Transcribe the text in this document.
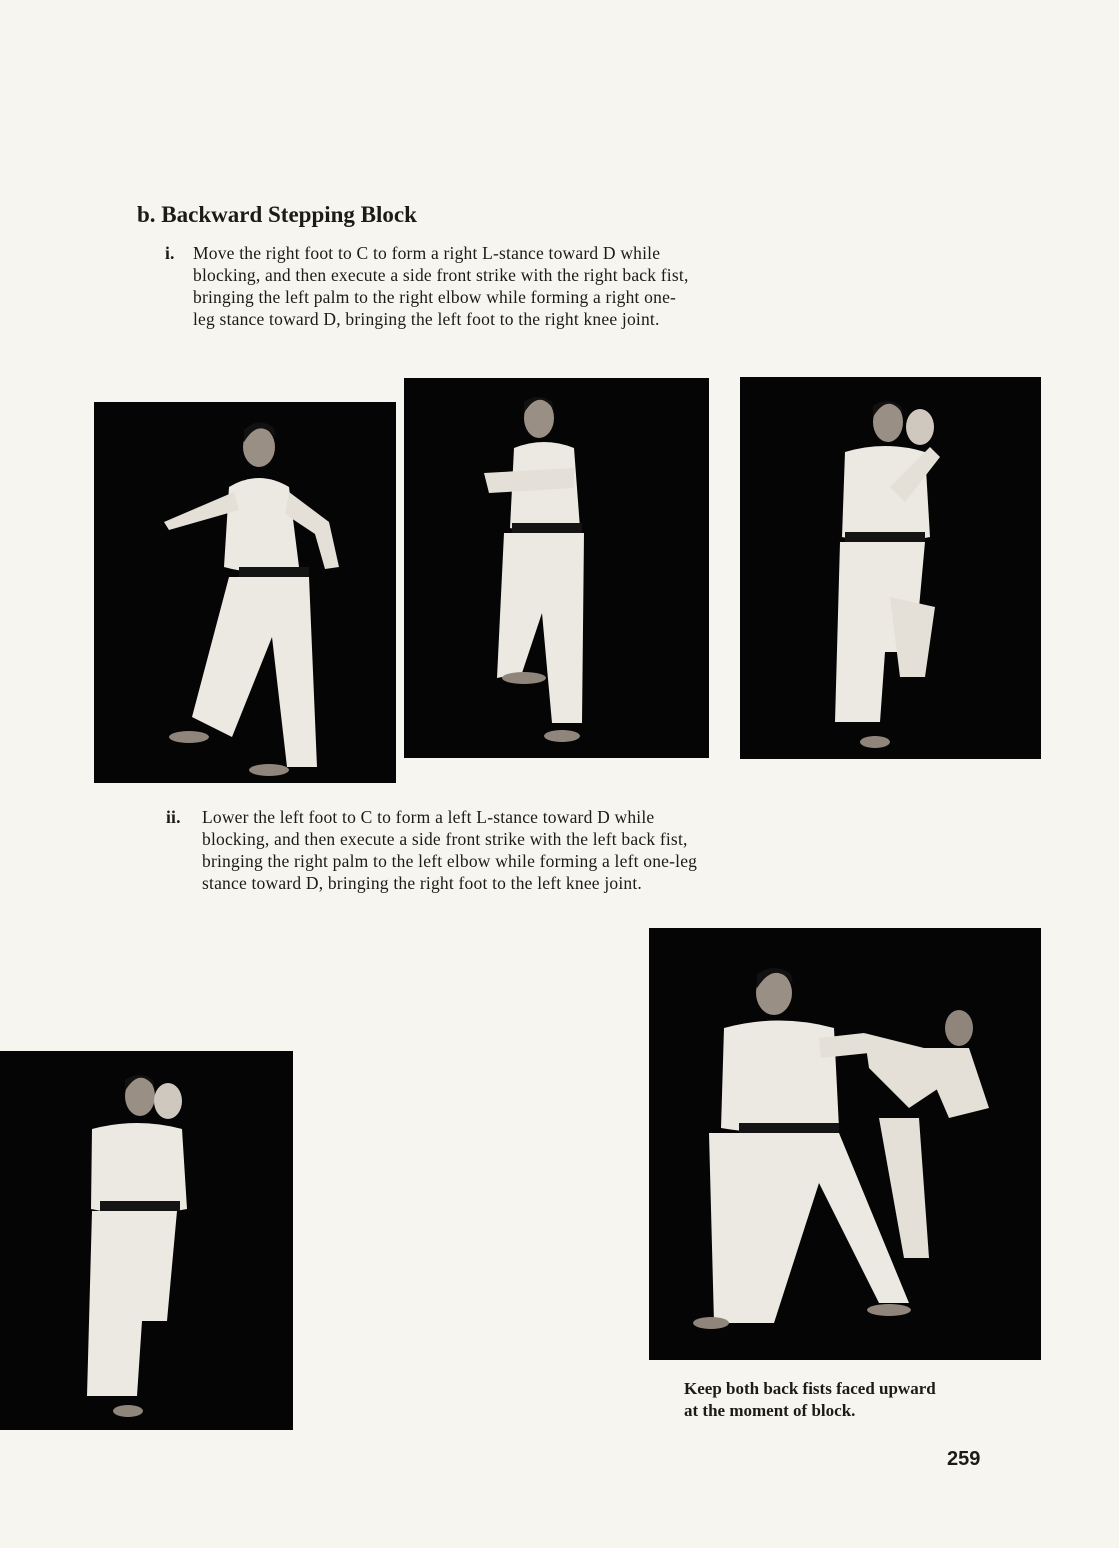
b. Backward Stepping Block
i. Move the right foot to C to form a right L-stance toward D while
blocking, and then execute a side front strike with the right back fist,
bringing the left palm to the right elbow while forming a right one-
leg stance toward D, bringing the left foot to the right knee joint.
ii. Lower the left foot to C to form a left L-stance toward D while
blocking, and then execute a side front strike with the left back fist,
bringing the right palm to the left elbow while forming a left one-leg
stance toward D, bringing the right foot to the left knee joint.
Keep both back fists faced upward
at the moment of block.
259
